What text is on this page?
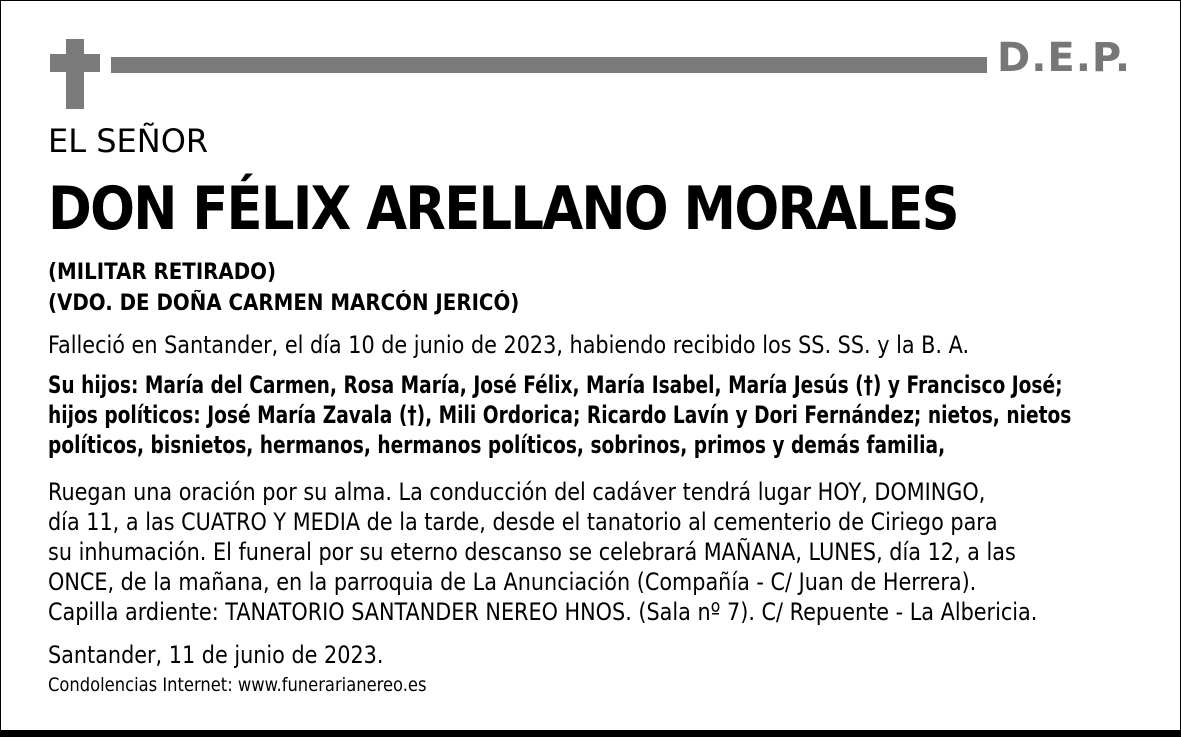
D.E.P.
EL SEÑOR
DON FÉLIX ARELLANO MORALES
(MILITAR RETIRADO)
(VDO. DE DOÑA CARMEN MARCÓN JERICÓ)
Falleció en Santander, el día 10 de junio de 2023, habiendo recibido los SS. SS. y la B. A.
Su hijos: María del Carmen, Rosa María, José Félix, María Isabel, María Jesús (†) y Francisco José;
hijos políticos: José María Zavala (†), Mili Ordorica; Ricardo Lavín y Dori Fernández; nietos, nietos
políticos, bisnietos, hermanos, hermanos políticos, sobrinos, primos y demás familia,
Ruegan una oración por su alma. La conducción del cadáver tendrá lugar HOY, DOMINGO,
día 11, a las CUATRO Y MEDIA de la tarde, desde el tanatorio al cementerio de Ciriego para
su inhumación. El funeral por su eterno descanso se celebrará MAÑANA, LUNES, día 12, a las
ONCE, de la mañana, en la parroquia de La Anunciación (Compañía - C/ Juan de Herrera).
Capilla ardiente: TANATORIO SANTANDER NEREO HNOS. (Sala nº 7). C/ Repuente - La Albericia.
Santander, 11 de junio de 2023.
Condolencias Internet: www.funerarianereo.es
